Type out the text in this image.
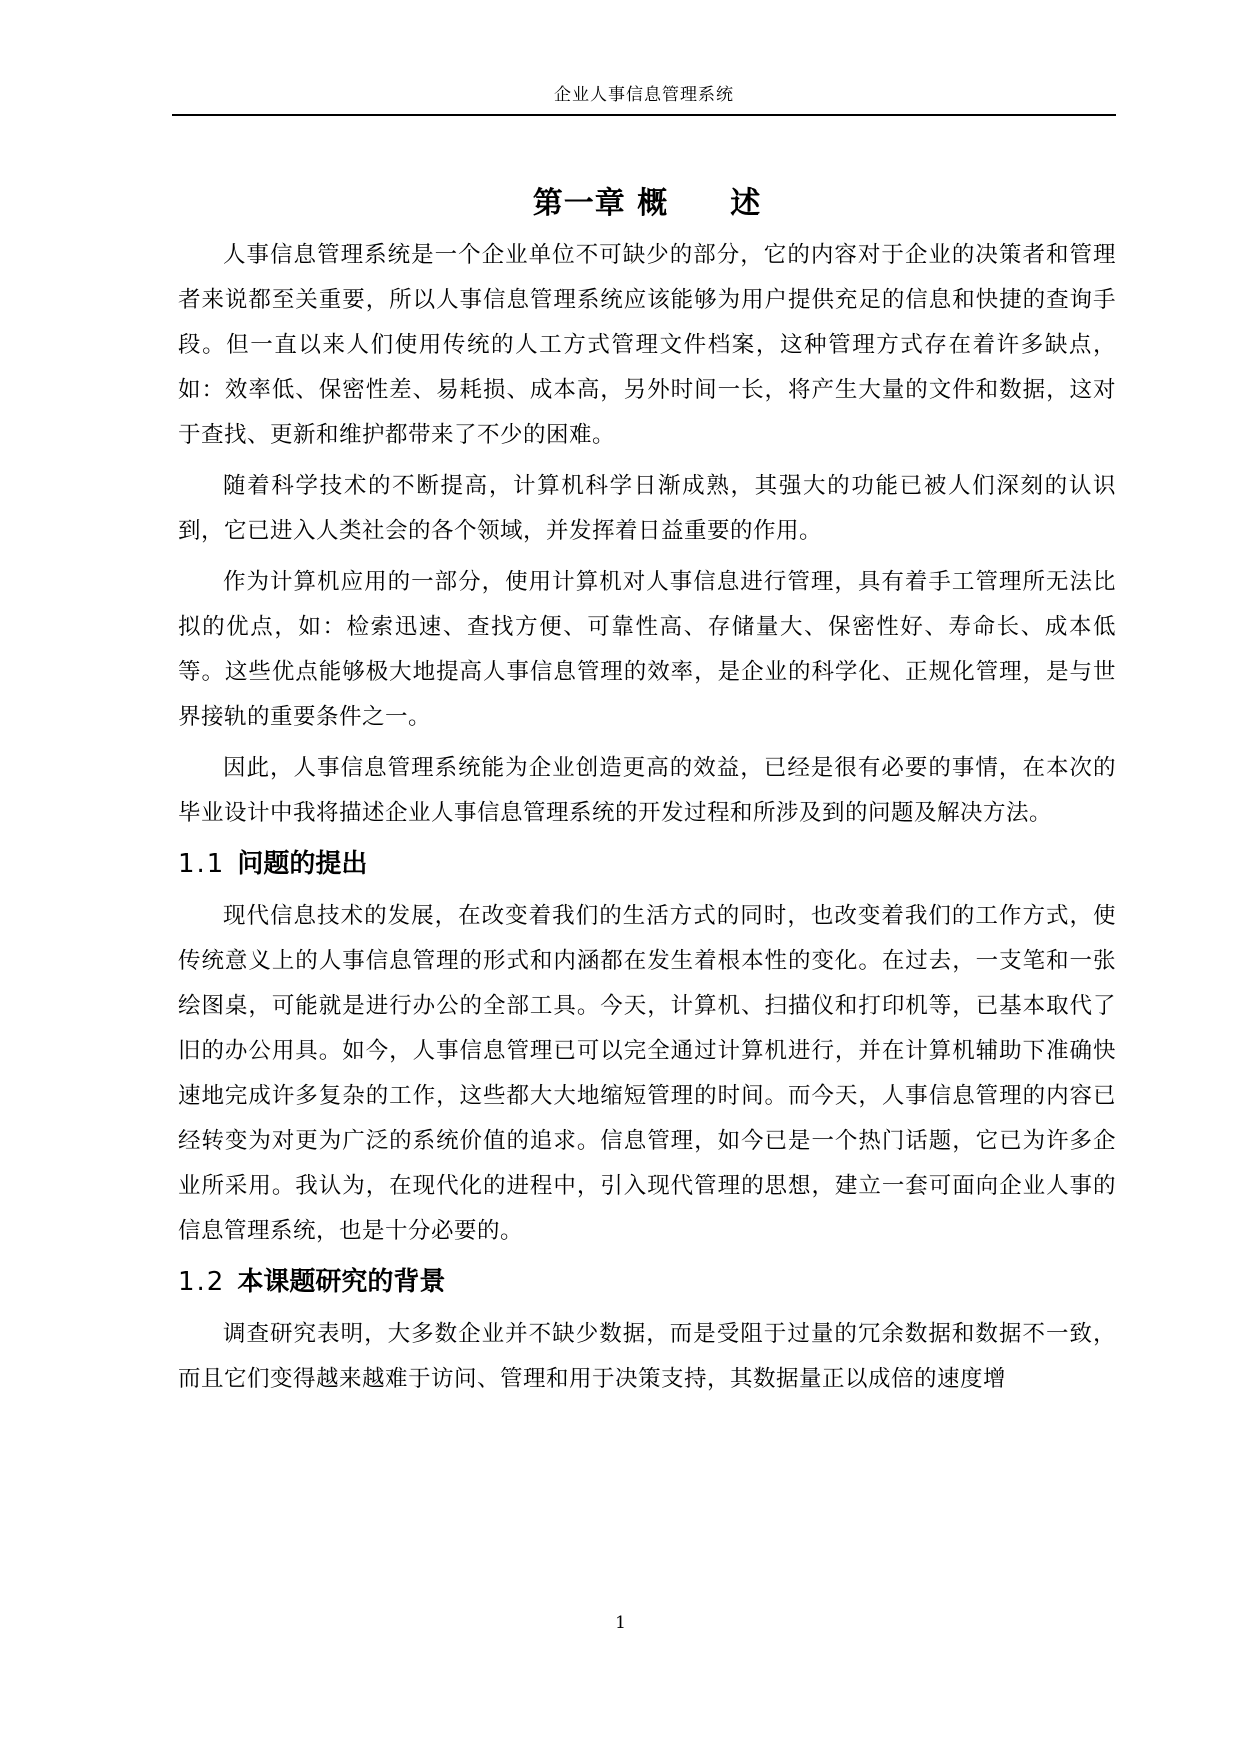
企业人事信息管理系统
第一章 概　　述

人事信息管理系统是一个企业单位不可缺少的部分，它的内容对于企业的决策者和管理者来说都至关重要，所以人事信息管理系统应该能够为用户提供充足的信息和快捷的查询手段。但一直以来人们使用传统的人工方式管理文件档案，这种管理方式存在着许多缺点，如：效率低、保密性差、易耗损、成本高，另外时间一长，将产生大量的文件和数据，这对于查找、更新和维护都带来了不少的困难。

随着科学技术的不断提高，计算机科学日渐成熟，其强大的功能已被人们深刻的认识到，它已进入人类社会的各个领域，并发挥着日益重要的作用。

作为计算机应用的一部分，使用计算机对人事信息进行管理，具有着手工管理所无法比拟的优点，如：检索迅速、查找方便、可靠性高、存储量大、保密性好、寿命长、成本低等。这些优点能够极大地提高人事信息管理的效率，是企业的科学化、正规化管理，是与世界接轨的重要条件之一。

因此，人事信息管理系统能为企业创造更高的效益，已经是很有必要的事情，在本次的毕业设计中我将描述企业人事信息管理系统的开发过程和所涉及到的问题及解决方法。

1.1 问题的提出

现代信息技术的发展，在改变着我们的生活方式的同时，也改变着我们的工作方式，使传统意义上的人事信息管理的形式和内涵都在发生着根本性的变化。在过去，一支笔和一张绘图桌，可能就是进行办公的全部工具。今天，计算机、扫描仪和打印机等，已基本取代了旧的办公用具。如今，人事信息管理已可以完全通过计算机进行，并在计算机辅助下准确快速地完成许多复杂的工作，这些都大大地缩短管理的时间。而今天，人事信息管理的内容已经转变为对更为广泛的系统价值的追求。信息管理，如今已是一个热门话题，它已为许多企业所采用。我认为，在现代化的进程中，引入现代管理的思想，建立一套可面向企业人事的信息管理系统，也是十分必要的。

1.2 本课题研究的背景

调查研究表明，大多数企业并不缺少数据，而是受阻于过量的冗余数据和数据不一致，而且它们变得越来越难于访问、管理和用于决策支持，其数据量正以成倍的速度增

1
